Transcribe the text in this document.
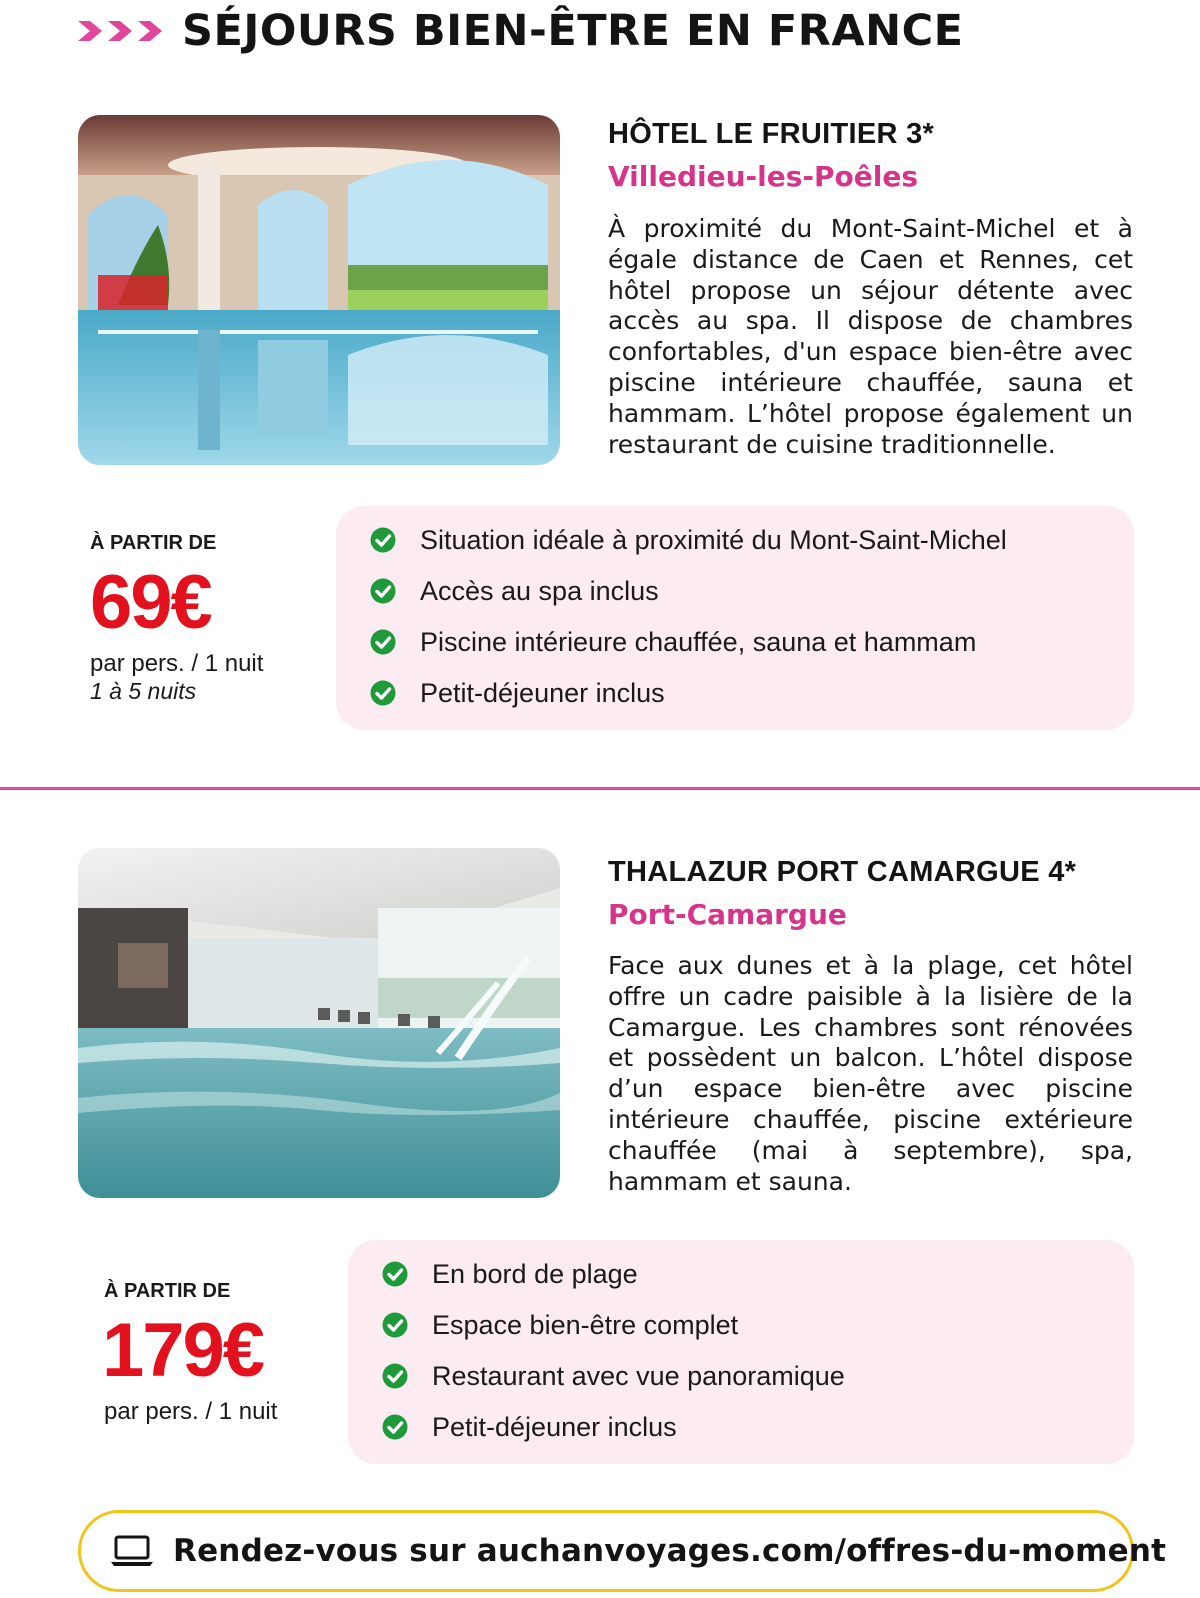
SÉJOURS BIEN-ÊTRE EN FRANCE
HÔTEL LE FRUITIER 3*
Villedieu-les-Poêles

À proximité du Mont-Saint-Michel et à égale distance de Caen et Rennes, cet hôtel propose un séjour détente avec accès au spa. Il dispose de chambres confortables, d'un espace bien-être avec piscine intérieure chauffée, sauna et hammam. L’hôtel propose également un restaurant de cuisine traditionnelle.

À PARTIR DE
69€
par pers. / 1 nuit
1 à 5 nuits
Situation idéale à proximité du Mont-Saint-Michel
Accès au spa inclus
Piscine intérieure chauffée, sauna et hammam
Petit-déjeuner inclus
THALAZUR PORT CAMARGUE 4*
Port-Camargue

Face aux dunes et à la plage, cet hôtel offre un cadre paisible à la lisière de la Camargue. Les chambres sont rénovées et possèdent un balcon. L’hôtel dispose d’un espace bien-être avec piscine intérieure chauffée, piscine extérieure chauffée (mai à septembre), spa, hammam et sauna.

À PARTIR DE
179€
par pers. / 1 nuit
En bord de plage
Espace bien-être complet
Restaurant avec vue panoramique
Petit-déjeuner inclus
Rendez-vous sur auchanvoyages.com/offres-du-moment
